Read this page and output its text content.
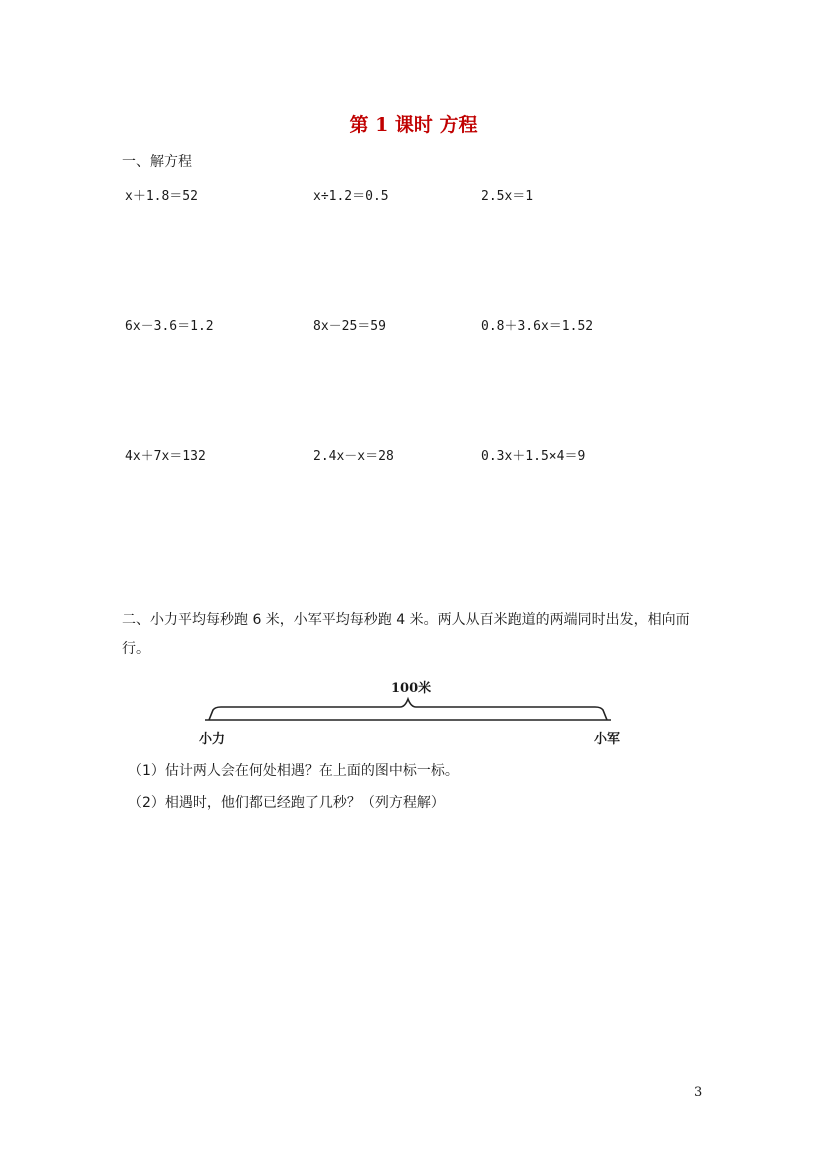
第 1 课时 方程
一、解方程
x＋1.8＝52	x÷1.2＝0.5	2.5x＝1
6x－3.6＝1.2	8x－25＝59	0.8＋3.6x＝1.52
4x＋7x＝132	2.4x－x＝28	0.3x＋1.5×4＝9
二、小力平均每秒跑 6 米，小军平均每秒跑 4 米。两人从百米跑道的两端同时出发，相向而行。
100米
小力	小军
（1）估计两人会在何处相遇？在上面的图中标一标。
（2）相遇时，他们都已经跑了几秒？（列方程解）
3
